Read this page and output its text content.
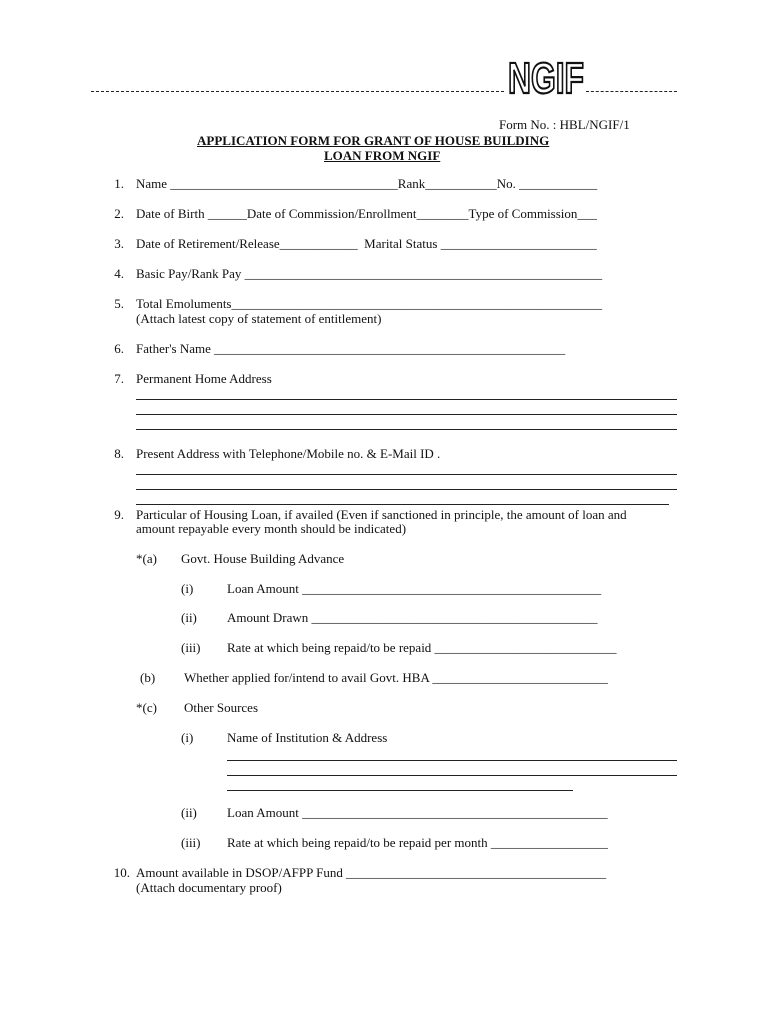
NGIF
Form No. : HBL/NGIF/1
APPLICATION FORM FOR GRANT OF HOUSE BUILDING
LOAN FROM NGIF
1. Name ___________________________________Rank___________No. ____________
2. Date of Birth ______Date of Commission/Enrollment________Type of Commission___
3. Date of Retirement/Release____________  Marital Status ________________________
4. Basic Pay/Rank Pay _______________________________________________________
5. Total Emoluments_________________________________________________________
(Attach latest copy of statement of entitlement)
6. Father's Name ______________________________________________________
7. Permanent Home Address
8. Present Address with Telephone/Mobile no. & E-Mail ID .
9. Particular of Housing Loan, if availed (Even if sanctioned in principle, the amount of loan and
amount repayable every month should be indicated)
*(a) Govt. House Building Advance
(i)	Loan Amount ______________________________________________
(ii) Amount Drawn ____________________________________________
(iii) Rate at which being repaid/to be repaid ____________________________
(b) Whether applied for/intend to avail Govt. HBA ___________________________
*(c) Other Sources
(i)	Name of Institution & Address
(ii) Loan Amount _______________________________________________
(iii) Rate at which being repaid/to be repaid per month __________________
10. Amount available in DSOP/AFPP Fund ________________________________________
(Attach documentary proof)
